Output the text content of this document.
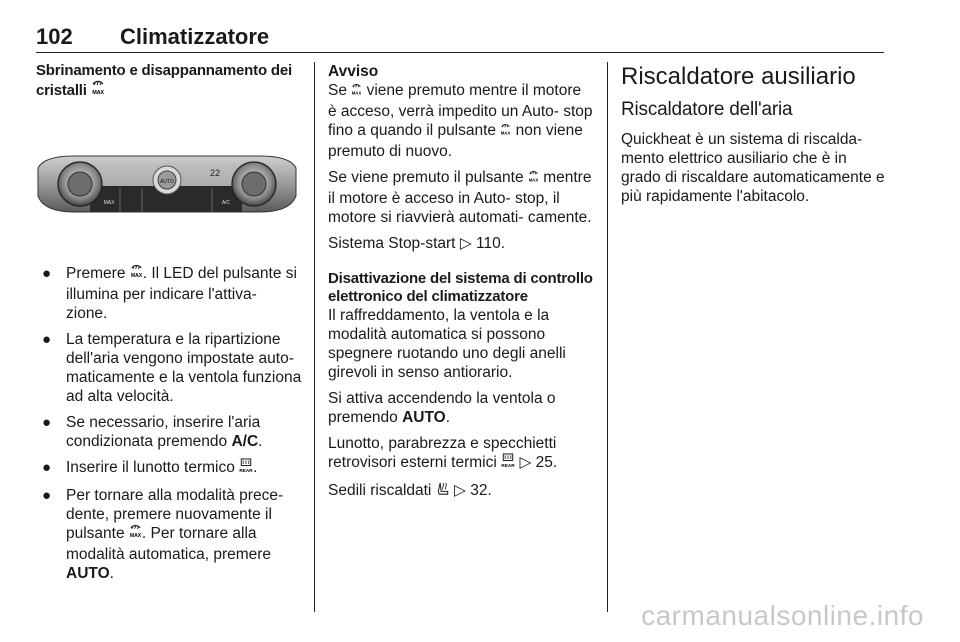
102 Climatizzatore
Sbrinamento e disappannamento dei cristalli MAX
22
AUTO
MAX	A/C
● Premere MAX . Il LED del pulsante si illumina per indicare l'attiva- zione.
● La temperatura e la ripartizione dell'aria vengono impostate auto- maticamente e la ventola funziona ad alta velocità.
● Se necessario, inserire l'aria condizionata premendo A/C.
● Inserire il lunotto termico REAR .
● Per tornare alla modalità prece- dente, premere nuovamente il pulsante MAX . Per tornare alla modalità automatica, premere AUTO.

Avviso

Se MAX viene premuto mentre il motore è acceso, verrà impedito un Auto- stop fino a quando il pulsante MAX non viene premuto di nuovo.

Se viene premuto il pulsante MAX mentre il motore è acceso in Auto- stop, il motore si riavvierà automati- camente.

Sistema Stop-start ▷ 110.

Disattivazione del sistema di controllo elettronico del climatizzatore

Il raffreddamento, la ventola e la modalità automatica si possono spegnere ruotando uno degli anelli girevoli in senso antiorario.

Si attiva accendendo la ventola o premendo AUTO.

Lunotto, parabrezza e specchietti retrovisori esterni termici REAR ▷ 25.

Sedili riscaldati ▷ 32.

Riscaldatore ausiliario
Riscaldatore dell'aria

Quickheat è un sistema di riscalda- mento elettrico ausiliario che è in grado di riscaldare automaticamente e più rapidamente l'abitacolo.

carmanualsonline.info
